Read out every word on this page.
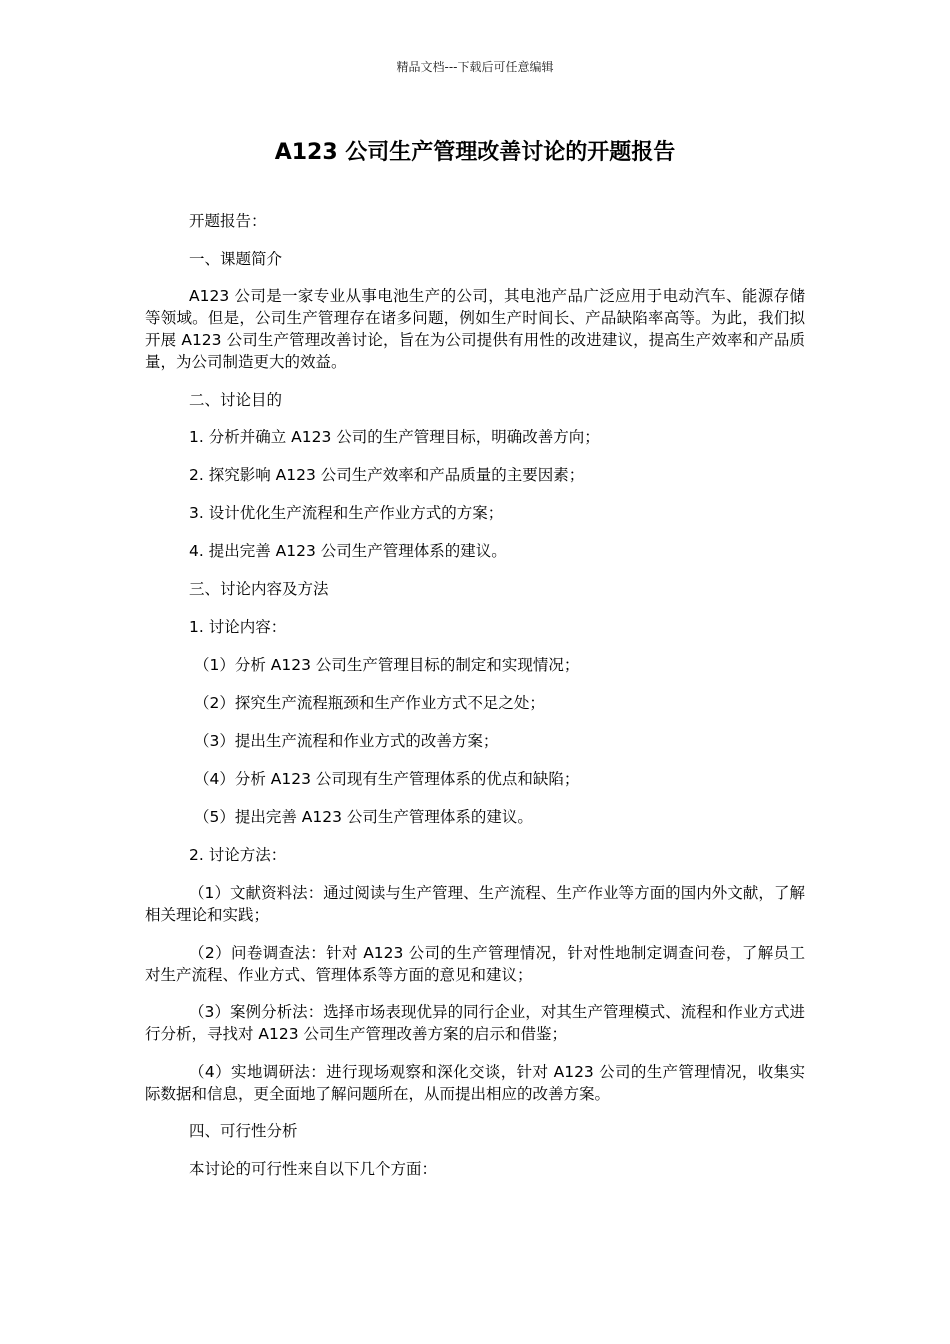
精品文档---下载后可任意编辑
A123 公司生产管理改善讨论的开题报告

开题报告：

一、课题简介

A123 公司是一家专业从事电池生产的公司，其电池产品广泛应用于电动汽车、能源存储等领域。但是，公司生产管理存在诸多问题，例如生产时间长、产品缺陷率高等。为此，我们拟开展 A123 公司生产管理改善讨论，旨在为公司提供有用性的改进建议，提高生产效率和产品质量，为公司制造更大的效益。

二、讨论目的

1. 分析并确立 A123 公司的生产管理目标，明确改善方向；

2. 探究影响 A123 公司生产效率和产品质量的主要因素；

3. 设计优化生产流程和生产作业方式的方案；

4. 提出完善 A123 公司生产管理体系的建议。

三、讨论内容及方法

1. 讨论内容：

（1）分析 A123 公司生产管理目标的制定和实现情况；

（2）探究生产流程瓶颈和生产作业方式不足之处；

（3）提出生产流程和作业方式的改善方案；

（4）分析 A123 公司现有生产管理体系的优点和缺陷；

（5）提出完善 A123 公司生产管理体系的建议。

2. 讨论方法：

（1）文献资料法：通过阅读与生产管理、生产流程、生产作业等方面的国内外文献，了解相关理论和实践；

（2）问卷调查法：针对 A123 公司的生产管理情况，针对性地制定调查问卷，了解员工对生产流程、作业方式、管理体系等方面的意见和建议；

（3）案例分析法：选择市场表现优异的同行企业，对其生产管理模式、流程和作业方式进行分析，寻找对 A123 公司生产管理改善方案的启示和借鉴；

（4）实地调研法：进行现场观察和深化交谈，针对 A123 公司的生产管理情况，收集实际数据和信息，更全面地了解问题所在，从而提出相应的改善方案。

四、可行性分析

本讨论的可行性来自以下几个方面：
